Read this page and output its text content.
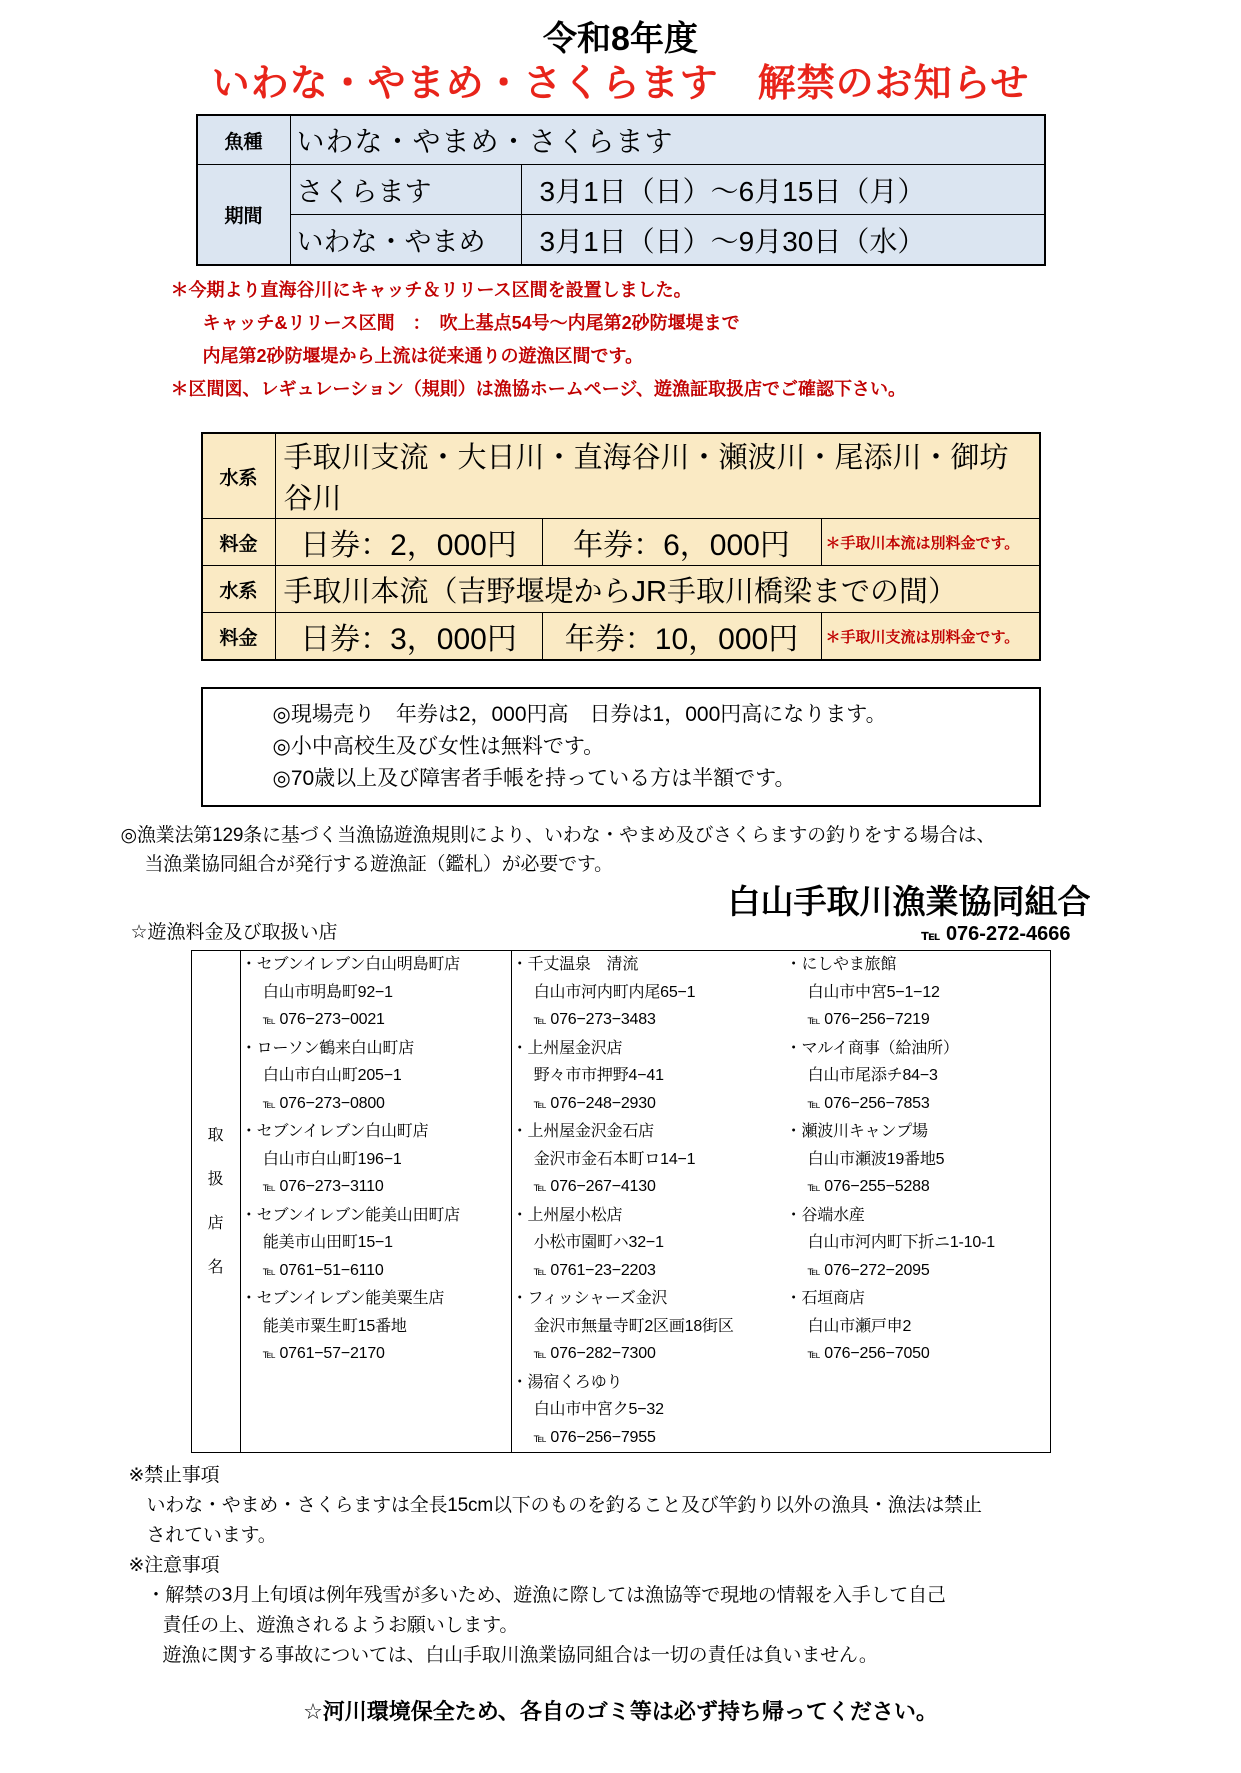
令和8年度
いわな・やまめ・さくらます　解禁のお知らせ
魚種	いわな・やまめ・さくらます	
期間	さくらます	3月1日（日）〜6月15日（月）
	いわな・やまめ	3月1日（日）〜9月30日（水）
＊今期より直海谷川にキャッチ＆リリース区間を設置しました。
キャッチ&リリース区間　：　吹上基点54号〜内尾第2砂防堰堤まで
内尾第2砂防堰堤から上流は従来通りの遊漁区間です。
＊区間図、レギュレーション（規則）は漁協ホームページ、遊漁証取扱店でご確認下さい。
水系	手取川支流・大日川・直海谷川・瀬波川・尾添川・御坊谷川		
料金	日券：2，000円	年券：6，000円	＊手取川本流は別料金です。
水系	手取川本流（吉野堰堤からJR手取川橋梁までの間）		
料金	日券：3，000円	年券：10，000円	＊手取川支流は別料金です。
◎現場売り　年券は2，000円高　日券は1，000円高になります。
◎小中高校生及び女性は無料です。
◎70歳以上及び障害者手帳を持っている方は半額です。
◎漁業法第129条に基づく当漁協遊漁規則により、いわな・やまめ及びさくらますの釣りをする場合は、
当漁業協同組合が発行する遊漁証（鑑札）が必要です。
白山手取川漁業協同組合
℡ 076-272-4666
☆遊漁料金及び取扱い店
取
扱
店
名

・セブンイレブン白山明島町店
白山市明島町92−1
℡ 076−273−0021
・ローソン鶴来白山町店
白山市白山町205−1
℡ 076−273−0800
・セブンイレブン白山町店
白山市白山町196−1
℡ 076−273−3110
・セブンイレブン能美山田町店
能美市山田町15−1
℡ 0761−51−6110
・セブンイレブン能美粟生店
能美市粟生町15番地
℡ 0761−57−2170

・千丈温泉　清流
白山市河内町内尾65−1
℡ 076−273−3483
・上州屋金沢店
野々市市押野4−41
℡ 076−248−2930
・上州屋金沢金石店
金沢市金石本町ロ14−1
℡ 076−267−4130
・上州屋小松店
小松市園町ハ32−1
℡ 0761−23−2203
・フィッシャーズ金沢
金沢市無量寺町2区画18街区
℡ 076−282−7300
・湯宿くろゆり
白山市中宮ク5−32
℡ 076−256−7955

・にしやま旅館
白山市中宮5−1−12
℡ 076−256−7219
・マルイ商事（給油所）
白山市尾添チ84−3
℡ 076−256−7853
・瀬波川キャンプ場
白山市瀬波19番地5
℡ 076−255−5288
・谷端水産
白山市河内町下折ニ1-10-1
℡ 076−272−2095
・石垣商店
白山市瀬戸申2
℡ 076−256−7050
※禁止事項
いわな・やまめ・さくらますは全長15cm以下のものを釣ること及び竿釣り以外の漁具・漁法は禁止
されています。
※注意事項
・解禁の3月上旬頃は例年残雪が多いため、遊漁に際しては漁協等で現地の情報を入手して自己
責任の上、遊漁されるようお願いします。
遊漁に関する事故については、白山手取川漁業協同組合は一切の責任は負いません。
☆河川環境保全ため、各自のゴミ等は必ず持ち帰ってください。
